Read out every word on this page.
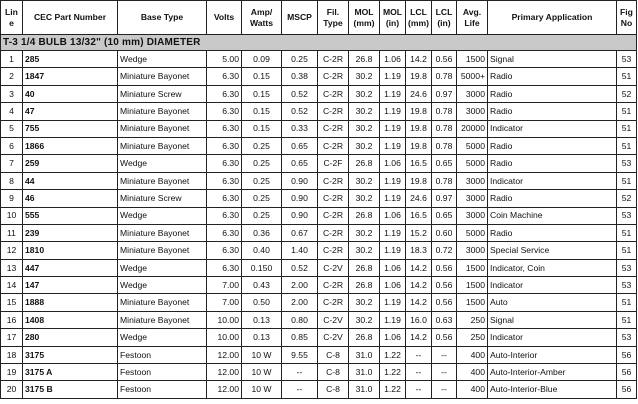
Lin e	CEC Part Number	Base Type	Volts	Amp/ Watts	MSCP	Fil. Type	MOL (mm)	MOL (in)	LCL (mm)	LCL (in)	Avg. Life	Primary Application	Fig No
T-3 1/4 BULB 13/32" (10 mm) DIAMETER													
1	285	Wedge	5.00	0.09	0.25	C-2R	26.8	1.06	14.2	0.56	1500	Signal	53
2	1847	Miniature Bayonet	6.30	0.15	0.38	C-2R	30.2	1.19	19.8	0.78	5000+	Radio	51
3	40	Miniature Screw	6.30	0.15	0.52	C-2R	30.2	1.19	24.6	0.97	3000	Radio	52
4	47	Miniature Bayonet	6.30	0.15	0.52	C-2R	30.2	1.19	19.8	0.78	3000	Radio	51
5	755	Miniature Bayonet	6.30	0.15	0.33	C-2R	30.2	1.19	19.8	0.78	20000	Indicator	51
6	1866	Miniature Bayonet	6.30	0.25	0.65	C-2R	30.2	1.19	19.8	0.78	5000	Radio	51
7	259	Wedge	6.30	0.25	0.65	C-2F	26.8	1.06	16.5	0.65	5000	Radio	53
8	44	Miniature Bayonet	6.30	0.25	0.90	C-2R	30.2	1.19	19.8	0.78	3000	Indicator	51
9	46	Miniature Screw	6.30	0.25	0.90	C-2R	30.2	1.19	24.6	0.97	3000	Radio	52
10	555	Wedge	6.30	0.25	0.90	C-2R	26.8	1.06	16.5	0.65	3000	Coin Machine	53
11	239	Miniature Bayonet	6.30	0.36	0.67	C-2R	30.2	1.19	15.2	0.60	5000	Radio	51
12	1810	Miniature Bayonet	6.30	0.40	1.40	C-2R	30.2	1.19	18.3	0.72	3000	Special Service	51
13	447	Wedge	6.30	0.150	0.52	C-2V	26.8	1.06	14.2	0.56	1500	Indicator, Coin	53
14	147	Wedge	7.00	0.43	2.00	C-2R	26.8	1.06	14.2	0.56	1500	Indicator	53
15	1888	Miniature Bayonet	7.00	0.50	2.00	C-2R	30.2	1.19	14.2	0.56	1500	Auto	51
16	1408	Miniature Bayonet	10.00	0.13	0.80	C-2V	30.2	1.19	16.0	0.63	250	Signal	51
17	280	Wedge	10.00	0.13	0.85	C-2V	26.8	1.06	14.2	0.56	250	Indicator	53
18	3175	Festoon	12.00	10 W	9.55	C-8	31.0	1.22	--	--	400	Auto-Interior	56
19	3175 A	Festoon	12.00	10 W	--	C-8	31.0	1.22	--	--	400	Auto-Interior-Amber	56
20	3175 B	Festoon	12.00	10 W	--	C-8	31.0	1.22	--	--	400	Auto-Interior-Blue	56
